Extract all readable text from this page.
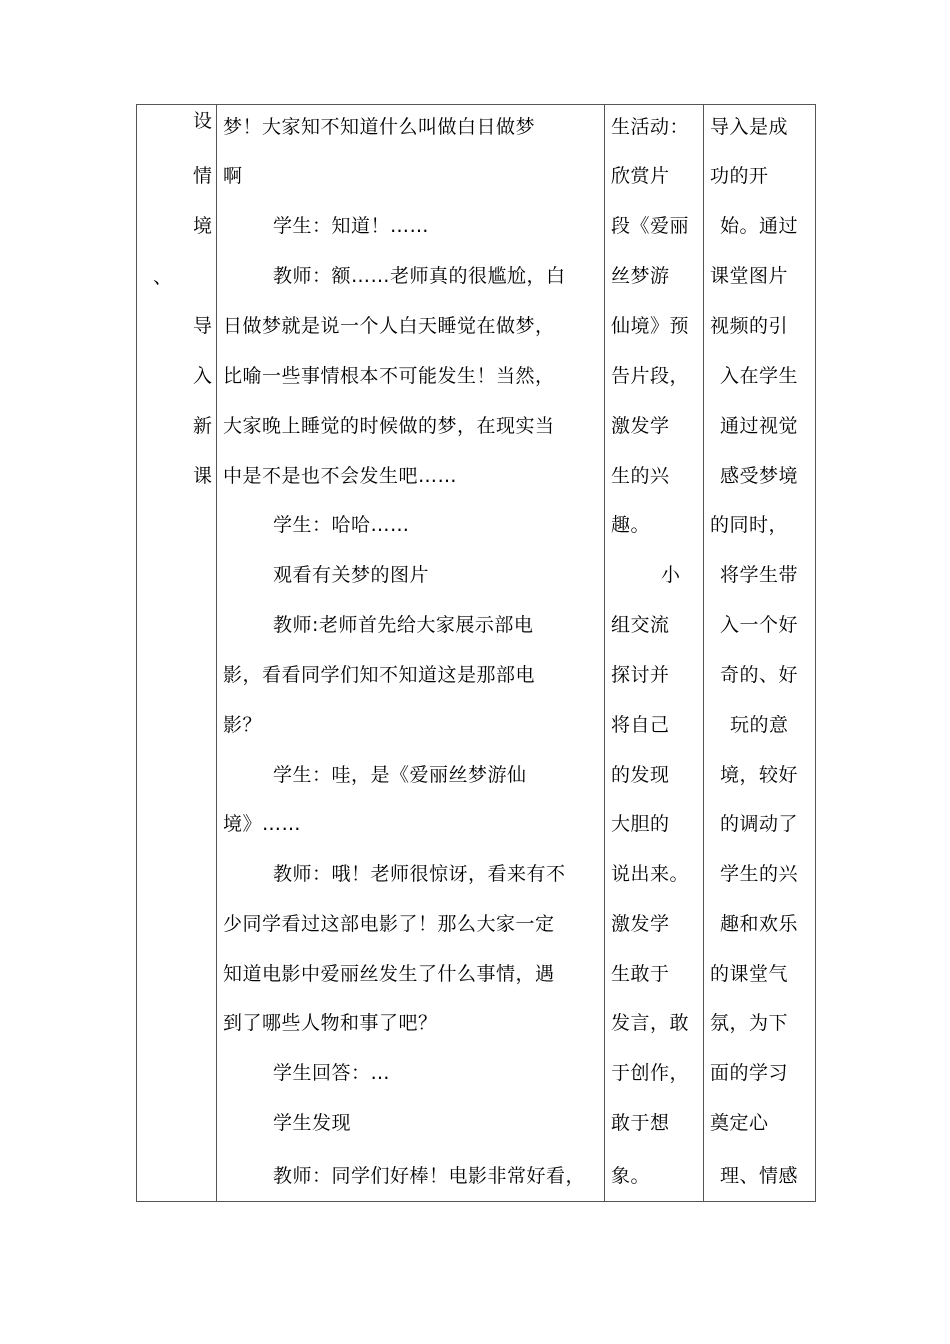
设
情
境
、
导
入
新
课
梦！大家知不知道什么叫做白日做梦
啊
学生：知道！……
教师：额……老师真的很尴尬，白
日做梦就是说一个人白天睡觉在做梦，
比喻一些事情根本不可能发生！当然，
大家晚上睡觉的时候做的梦，在现实当
中是不是也不会发生吧……
学生：哈哈……
观看有关梦的图片
教师:老师首先给大家展示部电
影，看看同学们知不知道这是那部电
影？
学生：哇，是《爱丽丝梦游仙
境》……
教师：哦！老师很惊讶，看来有不
少同学看过这部电影了！那么大家一定
知道电影中爱丽丝发生了什么事情，遇
到了哪些人物和事了吧？
学生回答：…
学生发现
教师：同学们好棒！电影非常好看，
生活动：
欣赏片
段《爱丽
丝梦游
仙境》预
告片段，
激发学
生的兴
趣。
小
组交流
探讨并
将自己
的发现
大胆的
说出来。
激发学
生敢于
发言，敢
于创作，
敢于想
象。
导入是成
功的开
始。通过
课堂图片
视频的引
入在学生
通过视觉
感受梦境
的同时，
将学生带
入一个好
奇的、好
玩的意
境，较好
的调动了
学生的兴
趣和欢乐
的课堂气
氛，为下
面的学习
奠定心
理、情感
